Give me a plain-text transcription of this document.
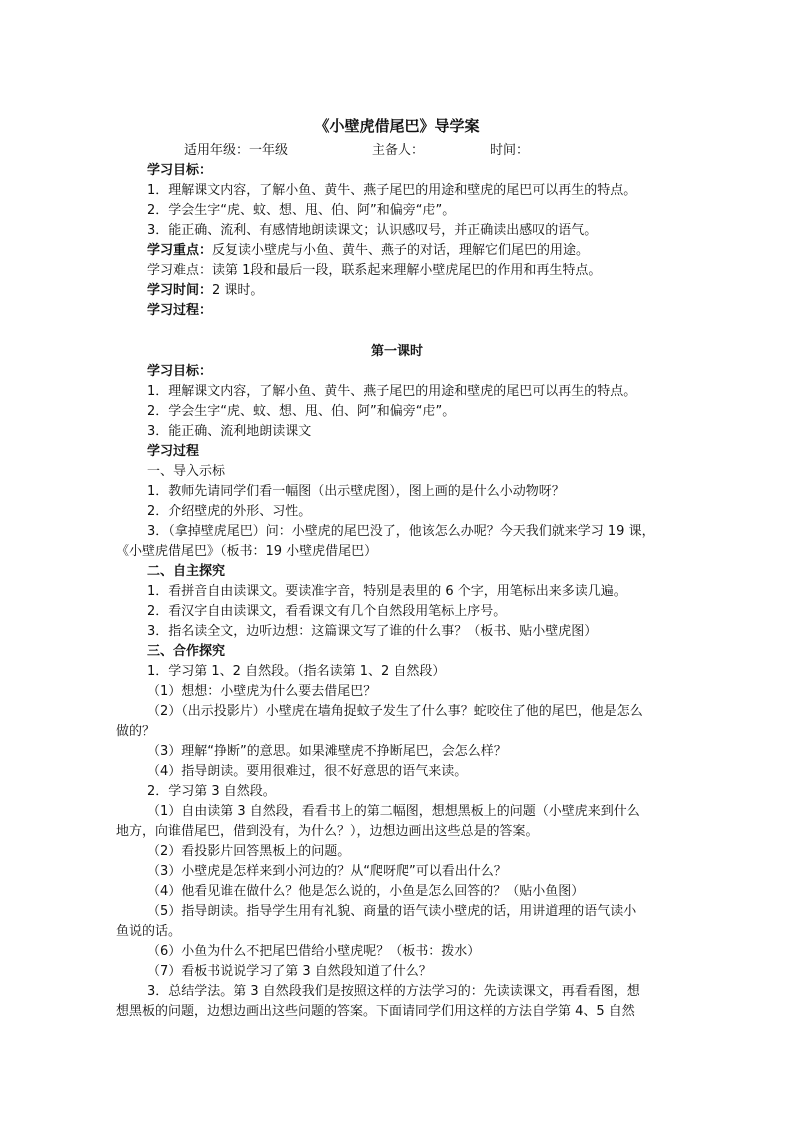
《小壁虎借尾巴》导学案

适用年级：一年级	主备人：	时间：

学习目标：

1．理解课文内容，了解小鱼、黄牛、燕子尾巴的用途和壁虎的尾巴可以再生的特点。

2．学会生字“虎、蚊、想、甩、伯、阿”和偏旁“虍”。

3．能正确、流利、有感情地朗读课文；认识感叹号，并正确读出感叹的语气。

学习重点：反复读小壁虎与小鱼、黄牛、燕子的对话，理解它们尾巴的用途。

学习难点：读第 1段和最后一段，联系起来理解小壁虎尾巴的作用和再生特点。

学习时间：2 课时。

学习过程：

第一课时

学习目标：

1．理解课文内容，了解小鱼、黄牛、燕子尾巴的用途和壁虎的尾巴可以再生的特点。

2．学会生字“虎、蚊、想、甩、伯、阿”和偏旁“虍”。

3．能正确、流利地朗读课文

学习过程

一、导入示标

1．教师先请同学们看一幅图（出示壁虎图），图上画的是什么小动物呀？

2．介绍壁虎的外形、习性。

3．（拿掉壁虎尾巴）问：小壁虎的尾巴没了，他该怎么办呢？今天我们就来学习 19 课，

《小壁虎借尾巴》（板书：19 小壁虎借尾巴）

二、自主探究

1．看拼音自由读课文。要读准字音，特别是表里的 6 个字，用笔标出来多读几遍。

2．看汉字自由读课文，看看课文有几个自然段用笔标上序号。

3．指名读全文，边听边想：这篇课文写了谁的什么事？（板书、贴小壁虎图）

三、合作探究

1．学习第 1、2 自然段。（指名读第 1、2 自然段）

（1）想想：小壁虎为什么要去借尾巴？

（2）（出示投影片）小壁虎在墙角捉蚊子发生了什么事？蛇咬住了他的尾巴，他是怎么

做的？

（3）理解“挣断”的意思。如果滩壁虎不挣断尾巴，会怎么样？

（4）指导朗读。要用很难过，很不好意思的语气来读。

2．学习第 3 自然段。

（1）自由读第 3 自然段，看看书上的第二幅图，想想黑板上的问题（小壁虎来到什么

地方，向谁借尾巴，借到没有，为什么？），边想边画出这些总是的答案。

（2）看投影片回答黑板上的问题。

（3）小壁虎是怎样来到小河边的？从“爬呀爬”可以看出什么？

（4）他看见谁在做什么？他是怎么说的，小鱼是怎么回答的？（贴小鱼图）

（5）指导朗读。指导学生用有礼貌、商量的语气读小壁虎的话，用讲道理的语气读小

鱼说的话。

（6）小鱼为什么不把尾巴借给小壁虎呢？（板书：拨水）

（7）看板书说说学习了第 3 自然段知道了什么？

3．总结学法。第 3 自然段我们是按照这样的方法学习的：先读读课文，再看看图，想

想黑板的问题，边想边画出这些问题的答案。下面请同学们用这样的方法自学第 4、5 自然
